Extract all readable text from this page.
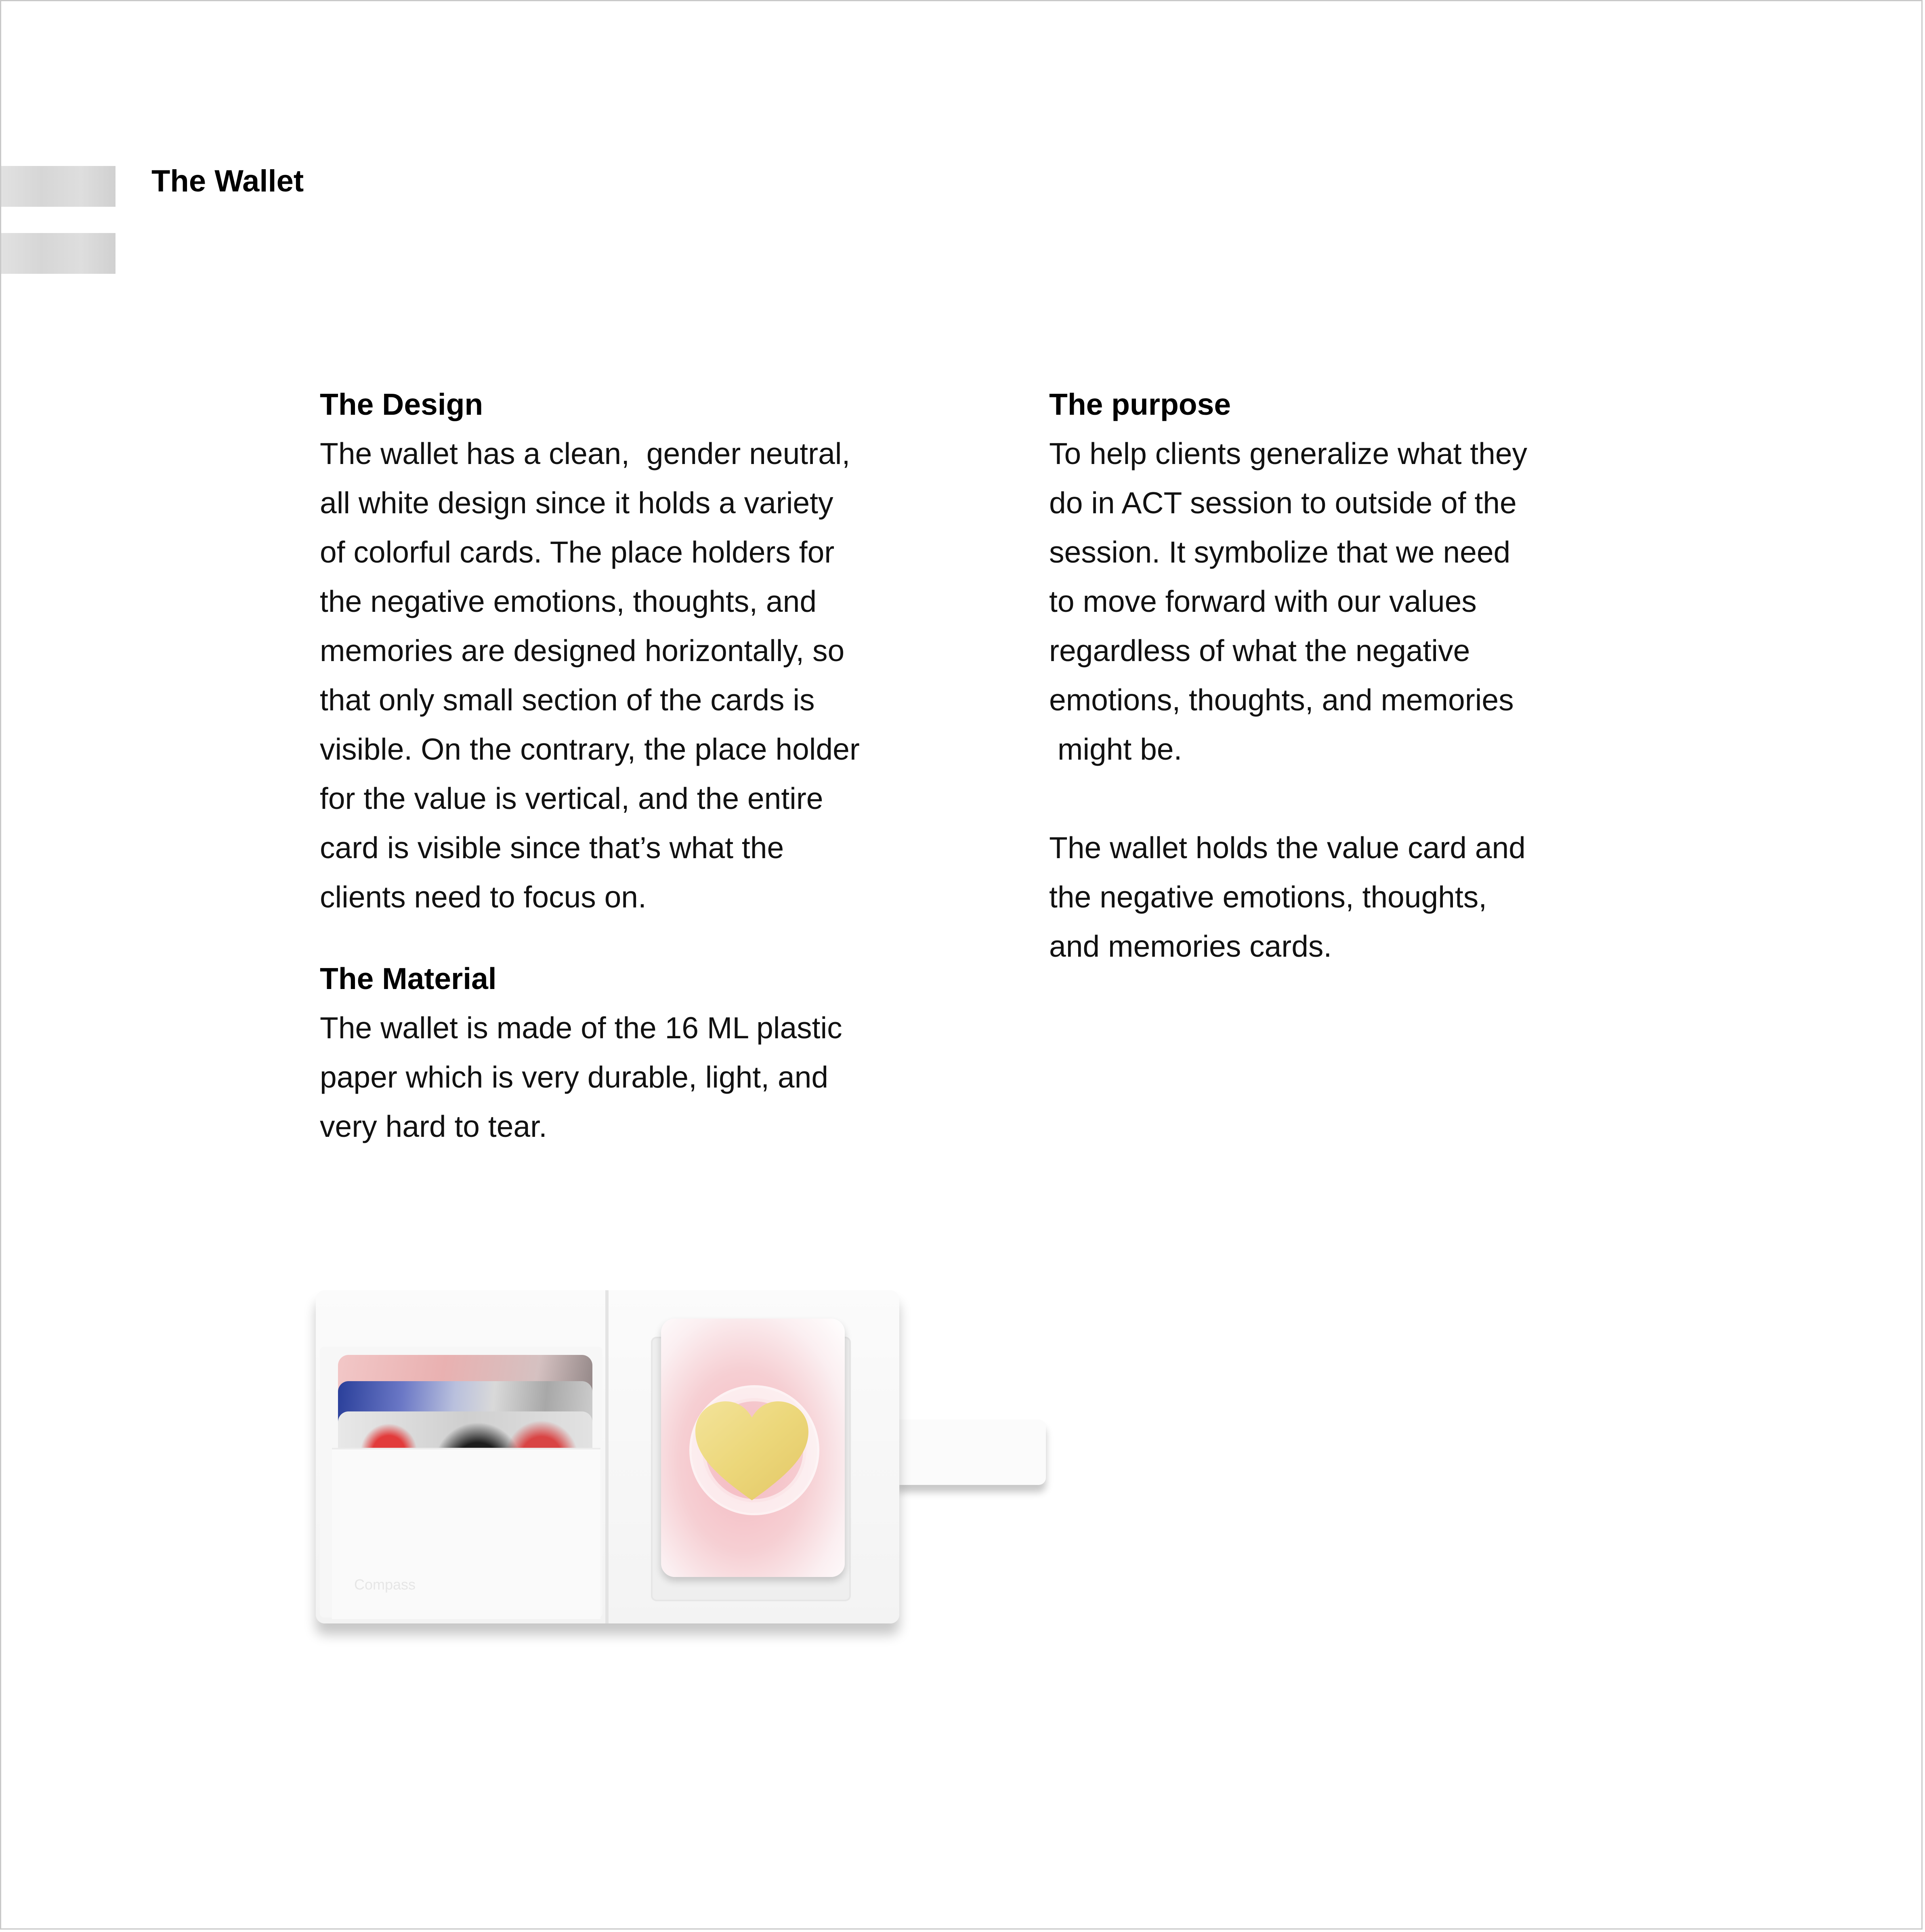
The Wallet

The Design

The wallet has a clean,  gender neutral,

all white design since it holds a variety

of colorful cards. The place holders for

the negative emotions, thoughts, and

memories are designed horizontally, so

that only small section of the cards is

visible. On the contrary, the place holder

for the value is vertical, and the entire

card is visible since that’s what the

clients need to focus on.

The Material

The wallet is made of the 16 ML plastic

paper which is very durable, light, and

very hard to tear.

The purpose

To help clients generalize what they

do in ACT session to outside of the

session. It symbolize that we need

to move forward with our values

regardless of what the negative

emotions, thoughts, and memories

might be.

The wallet holds the value card and

the negative emotions, thoughts,

and memories cards.

Compass
